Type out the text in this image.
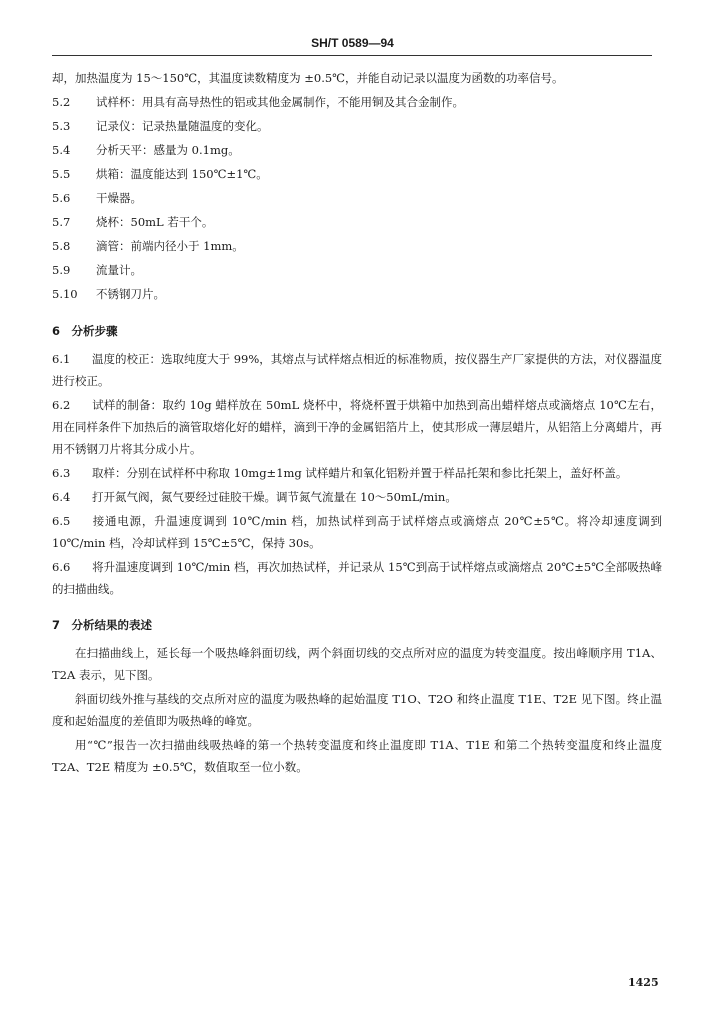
SH/T 0589—94
却，加热温度为 15～150℃，其温度读数精度为 ±0.5℃，并能自动记录以温度为函数的功率信号。
5.2 试样杯：用具有高导热性的铝或其他金属制作，不能用铜及其合金制作。
5.3 记录仪：记录热量随温度的变化。
5.4 分析天平：感量为 0.1mg。
5.5 烘箱：温度能达到 150℃±1℃。
5.6 干燥器。
5.7 烧杯：50mL 若干个。
5.8 滴管：前端内径小于 1mm。
5.9 流量计。
5.10 不锈钢刀片。
6　分析步骤
6.1 温度的校正：选取纯度大于 99%，其熔点与试样熔点相近的标准物质，按仪器生产厂家提供的方法，对仪器温度进行校正。
6.2 试样的制备：取约 10g 蜡样放在 50mL 烧杯中，将烧杯置于烘箱中加热到高出蜡样熔点或滴熔点 10℃左右，用在同样条件下加热后的滴管取熔化好的蜡样，滴到干净的金属铝箔片上，使其形成一薄层蜡片，从铝箔上分离蜡片，再用不锈钢刀片将其分成小片。
6.3 取样：分别在试样杯中称取 10mg±1mg 试样蜡片和氧化铝粉并置于样品托架和参比托架上，盖好杯盖。
6.4 打开氮气阀，氮气要经过硅胶干燥。调节氮气流量在 10～50mL/min。
6.5 接通电源，升温速度调到 10℃/min 档，加热试样到高于试样熔点或滴熔点 20℃±5℃。将冷却速度调到 10℃/min 档，冷却试样到 15℃±5℃，保持 30s。
6.6 将升温速度调到 10℃/min 档，再次加热试样，并记录从 15℃到高于试样熔点或滴熔点 20℃±5℃全部吸热峰的扫描曲线。
7　分析结果的表述
在扫描曲线上，延长每一个吸热峰斜面切线，两个斜面切线的交点所对应的温度为转变温度。按出峰顺序用 T1A、T2A 表示，见下图。
斜面切线外推与基线的交点所对应的温度为吸热峰的起始温度 T1O、T2O 和终止温度 T1E、T2E 见下图。终止温度和起始温度的差值即为吸热峰的峰宽。
用“℃”报告一次扫描曲线吸热峰的第一个热转变温度和终止温度即 T1A、T1E 和第二个热转变温度和终止温度 T2A、T2E 精度为 ±0.5℃，数值取至一位小数。
1425
